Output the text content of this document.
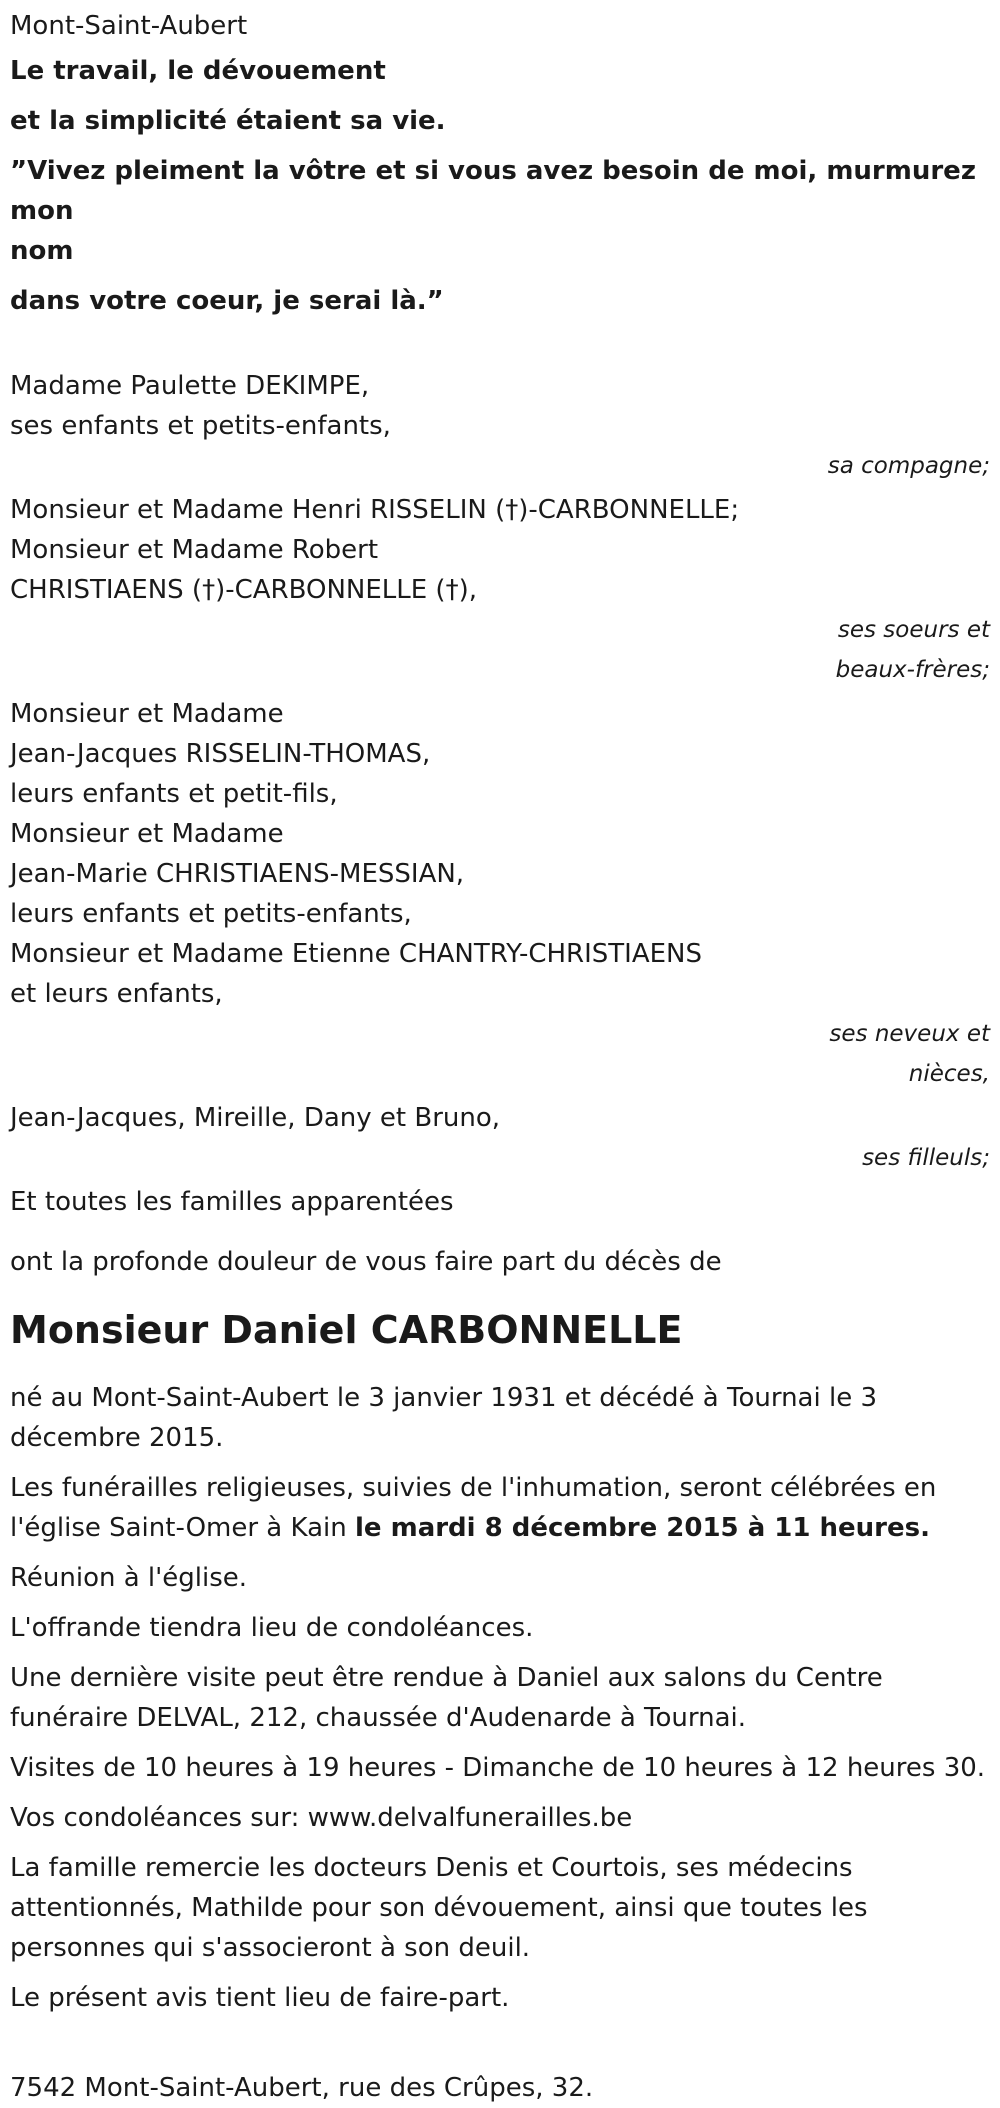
Mont-Saint-Aubert

Le travail, le dévouement

et la simplicité étaient sa vie.

”Vivez pleiment la vôtre et si vous avez besoin de moi, murmurez mon

nom

dans votre coeur, je serai là.”

Madame Paulette DEKIMPE,

ses enfants et petits-enfants,

sa compagne;

Monsieur et Madame Henri RISSELIN (†)-CARBONNELLE;

Monsieur et Madame Robert

CHRISTIAENS (†)-CARBONNELLE (†),

ses soeurs et

beaux-frères;

Monsieur et Madame

Jean-Jacques RISSELIN-THOMAS,

leurs enfants et petit-fils,

Monsieur et Madame

Jean-Marie CHRISTIAENS-MESSIAN,

leurs enfants et petits-enfants,

Monsieur et Madame Etienne CHANTRY-CHRISTIAENS

et leurs enfants,

ses neveux et

nièces,

Jean-Jacques, Mireille, Dany et Bruno,

ses filleuls;

Et toutes les familles apparentées

ont la profonde douleur de vous faire part du décès de

Monsieur Daniel CARBONNELLE

né au Mont-Saint-Aubert le 3 janvier 1931 et décédé à Tournai le 3 décembre 2015.

Les funérailles religieuses, suivies de l'inhumation, seront célébrées en l'église Saint-Omer à Kain le mardi 8 décembre 2015 à 11 heures.

Réunion à l'église.

L'offrande tiendra lieu de condoléances.

Une dernière visite peut être rendue à Daniel aux salons du Centre funéraire DELVAL, 212, chaussée d'Audenarde à Tournai.

Visites de 10 heures à 19 heures - Dimanche de 10 heures à 12 heures 30.

Vos condoléances sur: www.delvalfunerailles.be

La famille remercie les docteurs Denis et Courtois, ses médecins attentionnés, Mathilde pour son dévouement, ainsi que toutes les personnes qui s'associeront à son deuil.

Le présent avis tient lieu de faire-part.

7542 Mont-Saint-Aubert, rue des Crûpes, 32.
